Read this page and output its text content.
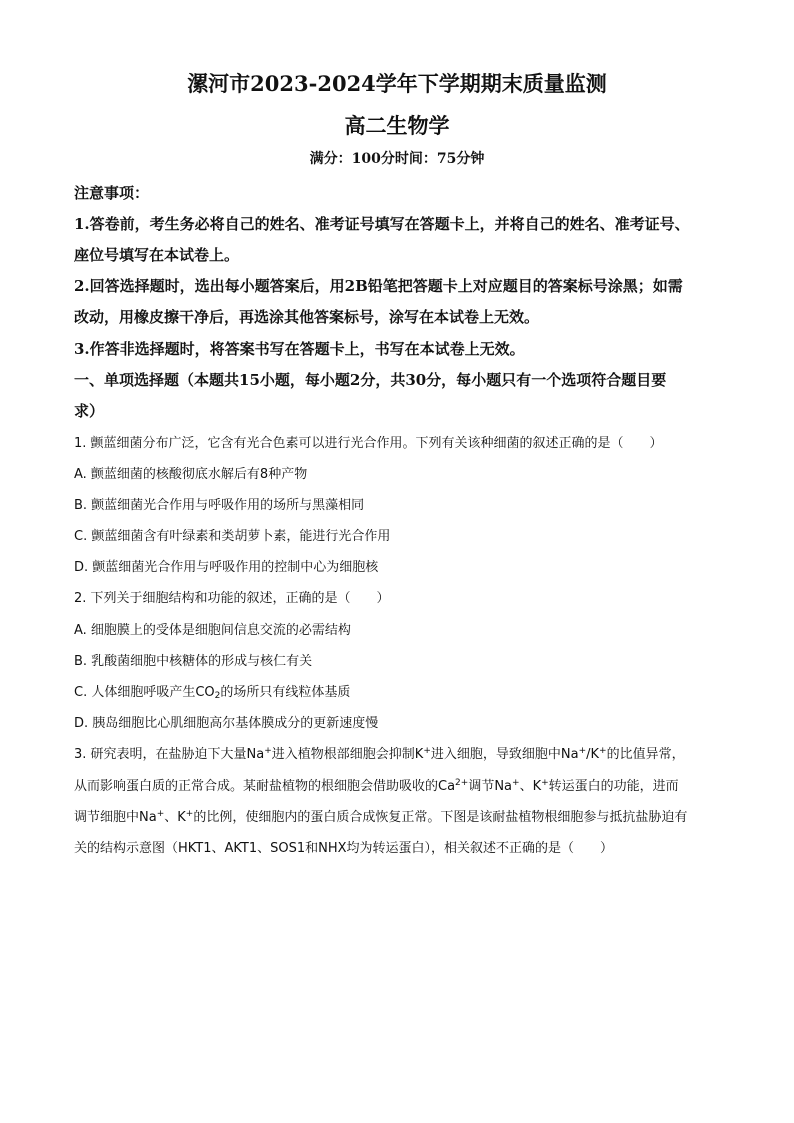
漯河市2023-2024学年下学期期末质量监测
高二生物学
满分：100分时间：75分钟
注意事项：
1.答卷前，考生务必将自己的姓名、准考证号填写在答题卡上，并将自己的姓名、准考证号、
座位号填写在本试卷上。
2.回答选择题时，选出每小题答案后，用2B铅笔把答题卡上对应题目的答案标号涂黑；如需
改动，用橡皮擦干净后，再选涂其他答案标号，涂写在本试卷上无效。
3.作答非选择题时，将答案书写在答题卡上，书写在本试卷上无效。
一、单项选择题（本题共15小题，每小题2分，共30分，每小题只有一个选项符合题目要
求）
1. 颤蓝细菌分布广泛，它含有光合色素可以进行光合作用。下列有关该种细菌的叙述正确的是（　　）
A. 颤蓝细菌的核酸彻底水解后有8种产物
B. 颤蓝细菌光合作用与呼吸作用的场所与黑藻相同
C. 颤蓝细菌含有叶绿素和类胡萝卜素，能进行光合作用
D. 颤蓝细菌光合作用与呼吸作用的控制中心为细胞核
2. 下列关于细胞结构和功能的叙述，正确的是（　　）
A. 细胞膜上的受体是细胞间信息交流的必需结构
B. 乳酸菌细胞中核糖体的形成与核仁有关
C. 人体细胞呼吸产生$CO_2$的场所只有线粒体基质
D. 胰岛细胞比心肌细胞高尔基体膜成分的更新速度慢
3. 研究表明，在盐胁迫下大量Na+进入植物根部细胞会抑制K+进入细胞，导致细胞中Na+/K+的比值异常，
从而影响蛋白质的正常合成。某耐盐植物的根细胞会借助吸收的$Ca^{2+}$调节Na+、K+转运蛋白的功能，进而
调节细胞中Na+、K+的比例，使细胞内的蛋白质合成恢复正常。下图是该耐盐植物根细胞参与抵抗盐胁迫有
关的结构示意图（HKT1、AKT1、SOS1和NHX均为转运蛋白），相关叙述不正确的是（　　）
